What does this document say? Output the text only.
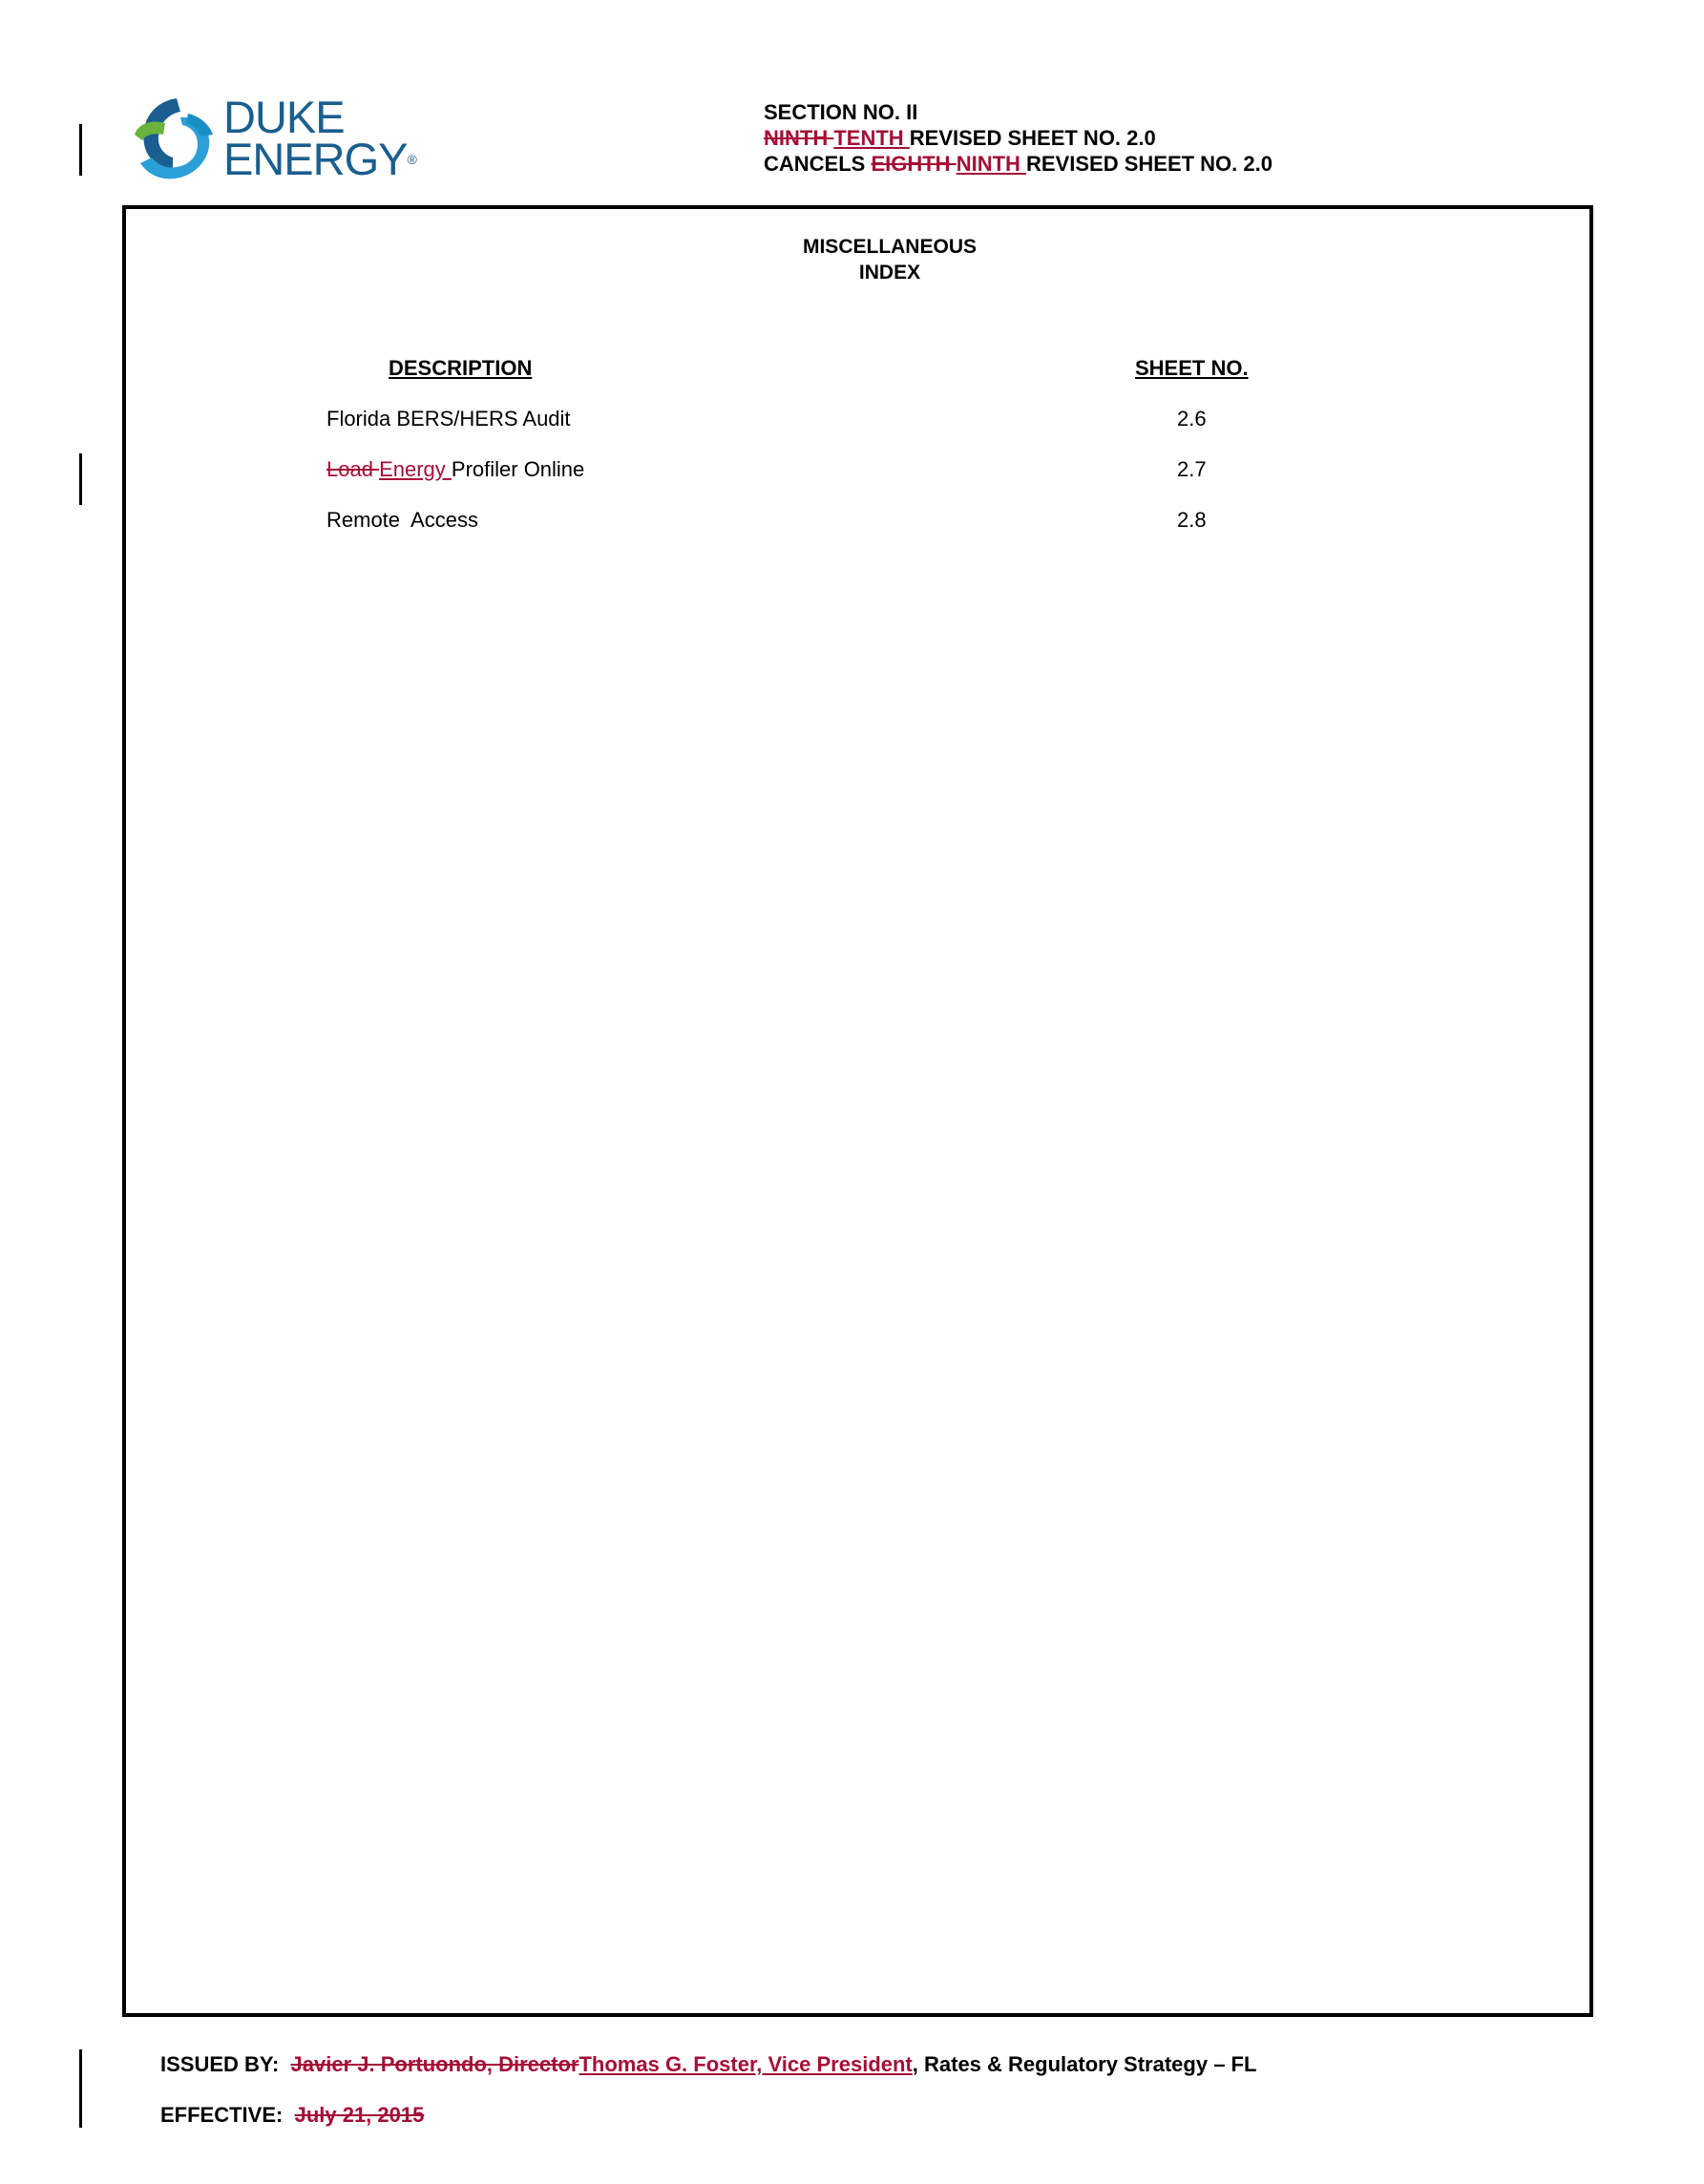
DUKE
ENERGY®
SECTION NO. II
NINTH TENTH REVISED SHEET NO. 2.0
CANCELS EIGHTH NINTH REVISED SHEET NO. 2.0
MISCELLANEOUS
INDEX
DESCRIPTION	SHEET NO.
Florida BERS/HERS Audit	2.6
Load Energy Profiler Online	2.7
Remote  Access	2.8
ISSUED BY: Javier J. Portuondo, DirectorThomas G. Foster, Vice President, Rates & Regulatory Strategy – FL
EFFECTIVE: July 21, 2015
